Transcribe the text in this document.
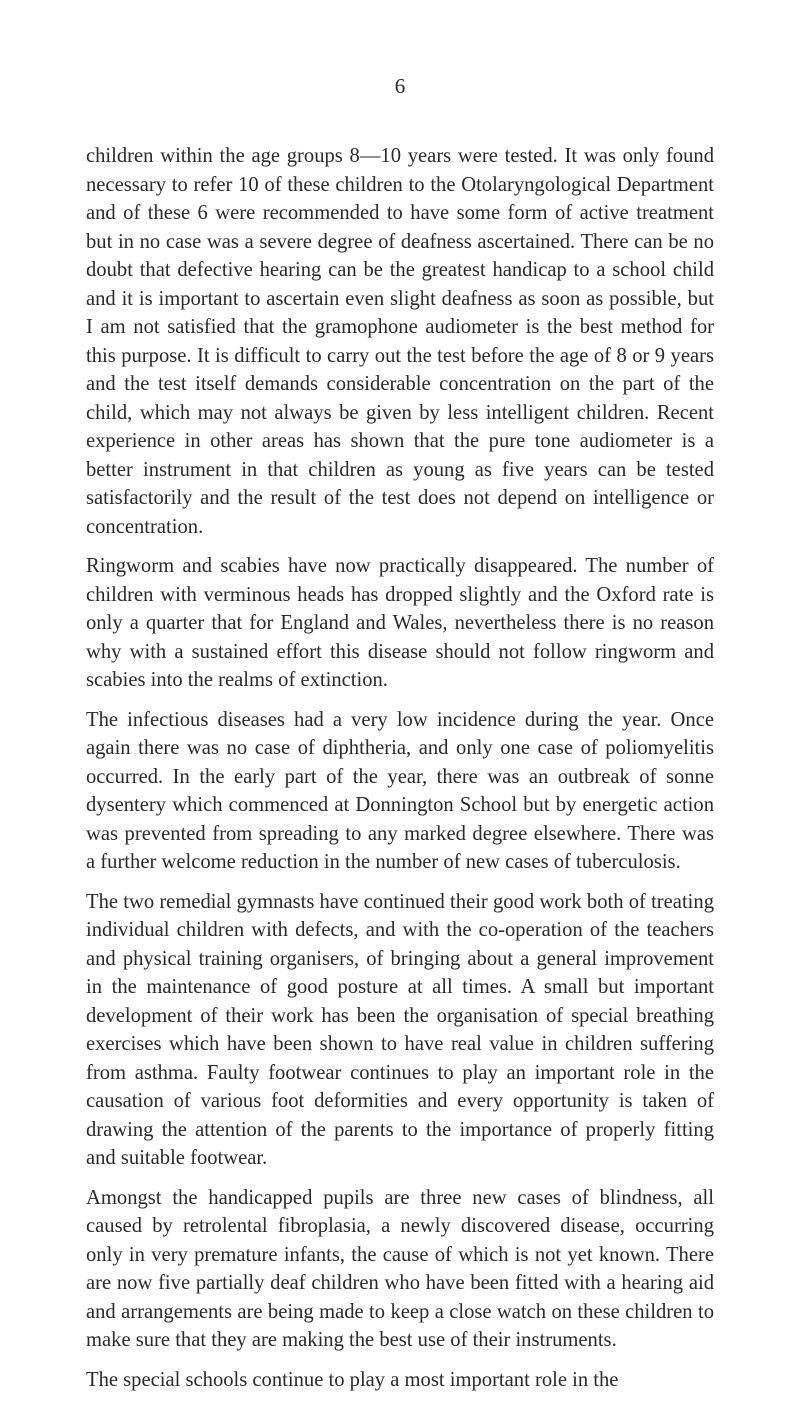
6

children within the age groups 8—10 years were tested. It was only found necessary to refer 10 of these children to the Otolaryngological Department and of these 6 were recommended to have some form of active treatment but in no case was a severe degree of deafness ascertained. There can be no doubt that defective hearing can be the greatest handicap to a school child and it is important to ascertain even slight deafness as soon as possible, but I am not satisfied that the gramophone audiometer is the best method for this purpose. It is difficult to carry out the test before the age of 8 or 9 years and the test itself demands considerable concentration on the part of the child, which may not always be given by less intelligent children. Recent experience in other areas has shown that the pure tone audiometer is a better instrument in that children as young as five years can be tested satisfactorily and the result of the test does not depend on intelligence or concentration.

Ringworm and scabies have now practically disappeared. The number of children with verminous heads has dropped slightly and the Oxford rate is only a quarter that for England and Wales, nevertheless there is no reason why with a sustained effort this disease should not follow ringworm and scabies into the realms of extinction.

The infectious diseases had a very low incidence during the year. Once again there was no case of diphtheria, and only one case of poliomyelitis occurred. In the early part of the year, there was an outbreak of sonne dysentery which commenced at Donnington School but by energetic action was prevented from spreading to any marked degree elsewhere. There was a further welcome reduction in the number of new cases of tuberculosis.

The two remedial gymnasts have continued their good work both of treating individual children with defects, and with the co-operation of the teachers and physical training organisers, of bringing about a general improvement in the maintenance of good posture at all times. A small but important development of their work has been the organisation of special breathing exercises which have been shown to have real value in children suffering from asthma. Faulty footwear continues to play an important role in the causation of various foot deformities and every opportunity is taken of drawing the attention of the parents to the importance of properly fitting and suitable footwear.

Amongst the handicapped pupils are three new cases of blindness, all caused by retrolental fibroplasia, a newly discovered disease, occurring only in very premature infants, the cause of which is not yet known. There are now five partially deaf children who have been fitted with a hearing aid and arrangements are being made to keep a close watch on these children to make sure that they are making the best use of their instruments.

The special schools continue to play a most important role in the
